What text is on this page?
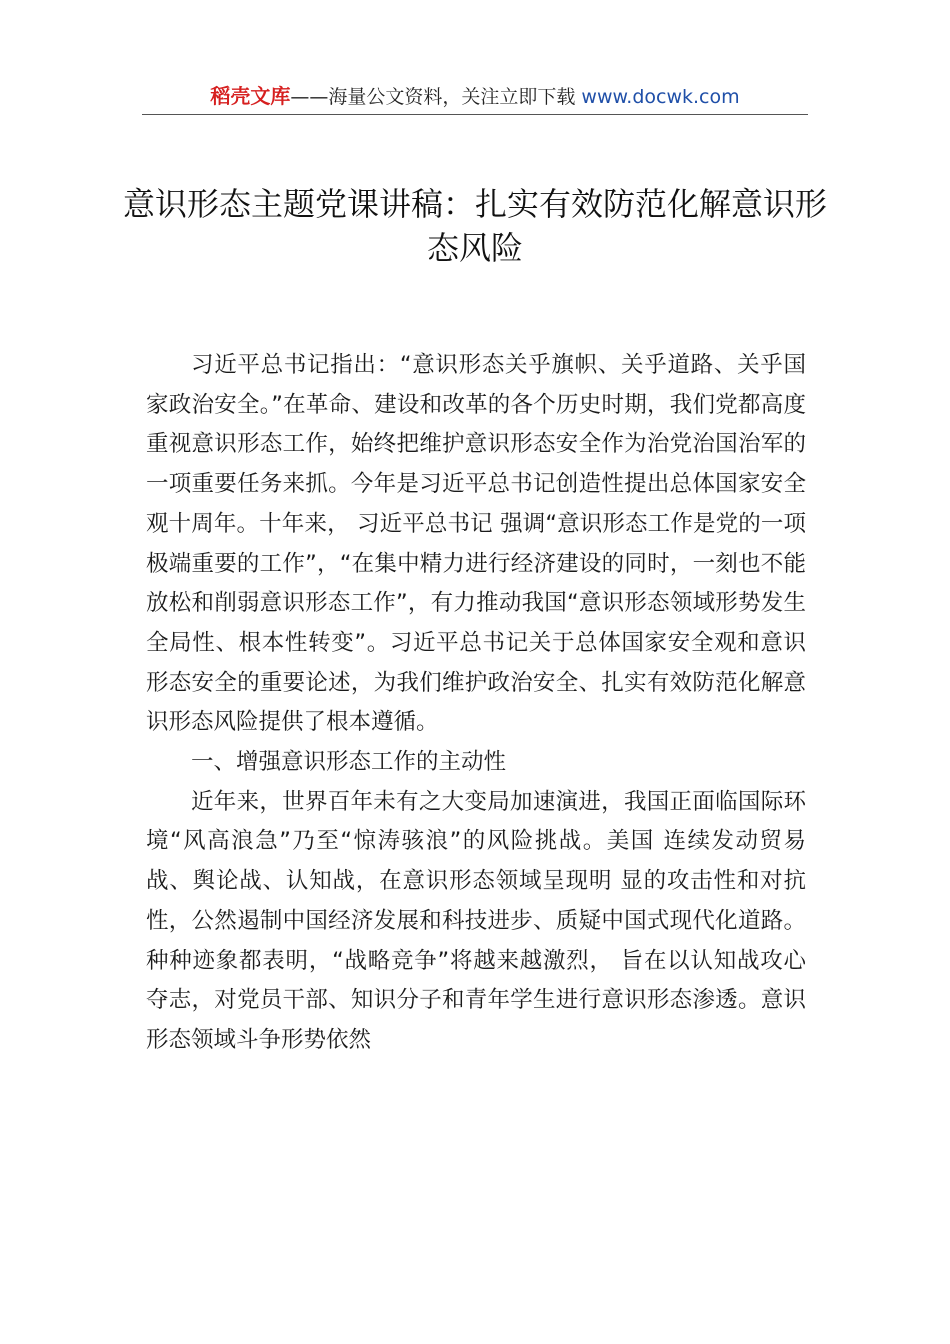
稻壳文库——海量公文资料，关注立即下载 www.docwk.com
意识形态主题党课讲稿：扎实有效防范化解意识形态风险

习近平总书记指出：“意识形态关乎旗帜、关乎道路、关乎国家政治安全。”在革命、建设和改革的各个历史时期，我们党都高度重视意识形态工作，始终把维护意识形态安全作为治党治国治军的一项重要任务来抓。今年是习近平总书记创造性提出总体国家安全观十周年。十年来， 习近平总书记 强调“意识形态工作是党的一项极端重要的工作”，“在集中精力进行经济建设的同时，一刻也不能放松和削弱意识形态工作”，有力推动我国“意识形态领域形势发生全局性、根本性转变”。习近平总书记关于总体国家安全观和意识形态安全的重要论述，为我们维护政治安全、扎实有效防范化解意识形态风险提供了根本遵循。

一、增强意识形态工作的主动性

近年来，世界百年未有之大变局加速演进，我国正面临国际环境“风高浪急”乃至“惊涛骇浪”的风险挑战。美国 连续发动贸易战、舆论战、认知战，在意识形态领域呈现明 显的攻击性和对抗性，公然遏制中国经济发展和科技进步、质疑中国式现代化道路。种种迹象都表明，“战略竞争”将越来越激烈， 旨在以认知战攻心夺志，对党员干部、知识分子和青年学生进行意识形态渗透。意识形态领域斗争形势依然
